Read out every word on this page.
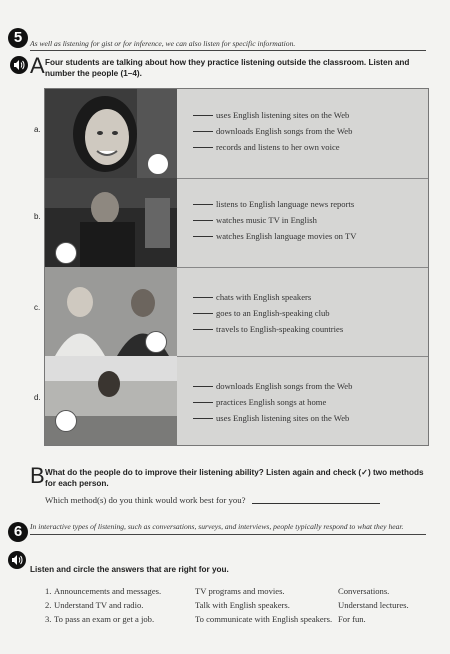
5	As well as listening for gist or for inference, we can also listen for specific information.
A Four students are talking about how they practice listening outside the classroom. Listen and number the people (1–4).
uses English listening sites on the Web
downloads English songs from the Web
records and listens to her own voice
listens to English language news reports
watches music TV in English
watches English language movies on TV
chats with English speakers
goes to an English-speaking club
travels to English-speaking countries
downloads English songs from the Web
practices English songs at home
uses English listening sites on the Web
a.
b.
c.
d.
B What do the people do to improve their listening ability? Listen again and check (✓) two methods for each person.
Which method(s) do you think would work best for you?
6	In interactive types of listening, such as conversations, surveys, and interviews, people typically respond to what they hear.
Listen and circle the answers that are right for you.
1.
2.
3.
Announcements and messages.
Understand TV and radio.
To pass an exam or get a job.
TV programs and movies.
Talk with English speakers.
To communicate with English speakers.
Conversations.
Understand lectures.
For fun.
